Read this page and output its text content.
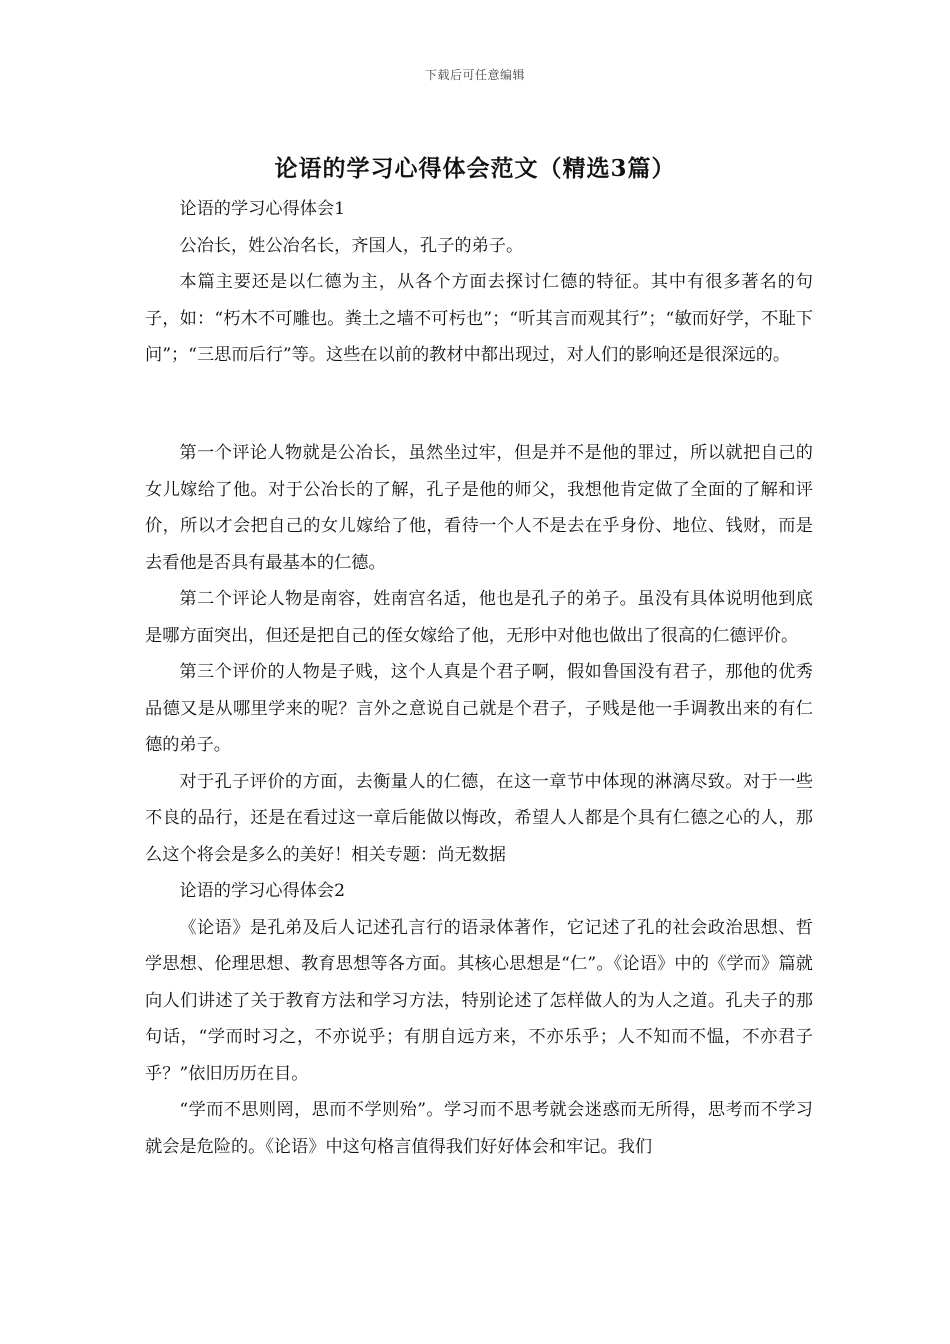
下载后可任意编辑
论语的学习心得体会范文（精选3篇）

论语的学习心得体会1

公冶长，姓公冶名长，齐国人，孔子的弟子。

本篇主要还是以仁德为主，从各个方面去探讨仁德的特征。其中有很多著名的句子，如：“朽木不可雕也。粪土之墙不可杇也”；“听其言而观其行”；“敏而好学，不耻下问”；“三思而后行”等。这些在以前的教材中都出现过，对人们的影响还是很深远的。

第一个评论人物就是公冶长，虽然坐过牢，但是并不是他的罪过，所以就把自己的女儿嫁给了他。对于公冶长的了解，孔子是他的师父，我想他肯定做了全面的了解和评价，所以才会把自己的女儿嫁给了他，看待一个人不是去在乎身份、地位、钱财，而是去看他是否具有最基本的仁德。

第二个评论人物是南容，姓南宫名适，他也是孔子的弟子。虽没有具体说明他到底是哪方面突出，但还是把自己的侄女嫁给了他，无形中对他也做出了很高的仁德评价。

第三个评价的人物是子贱，这个人真是个君子啊，假如鲁国没有君子，那他的优秀品德又是从哪里学来的呢？言外之意说自己就是个君子，子贱是他一手调教出来的有仁德的弟子。

对于孔子评价的方面，去衡量人的仁德，在这一章节中体现的淋漓尽致。对于一些不良的品行，还是在看过这一章后能做以悔改，希望人人都是个具有仁德之心的人，那么这个将会是多么的美好！相关专题：尚无数据

论语的学习心得体会2

《论语》是孔弟及后人记述孔言行的语录体著作，它记述了孔的社会政治思想、哲学思想、伦理思想、教育思想等各方面。其核心思想是“仁”。《论语》中的《学而》篇就向人们讲述了关于教育方法和学习方法，特别论述了怎样做人的为人之道。孔夫子的那句话，“学而时习之，不亦说乎；有朋自远方来，不亦乐乎；人不知而不愠，不亦君子乎？”依旧历历在目。

“学而不思则罔，思而不学则殆”。学习而不思考就会迷惑而无所得，思考而不学习就会是危险的。《论语》中这句格言值得我们好好体会和牢记。我们
